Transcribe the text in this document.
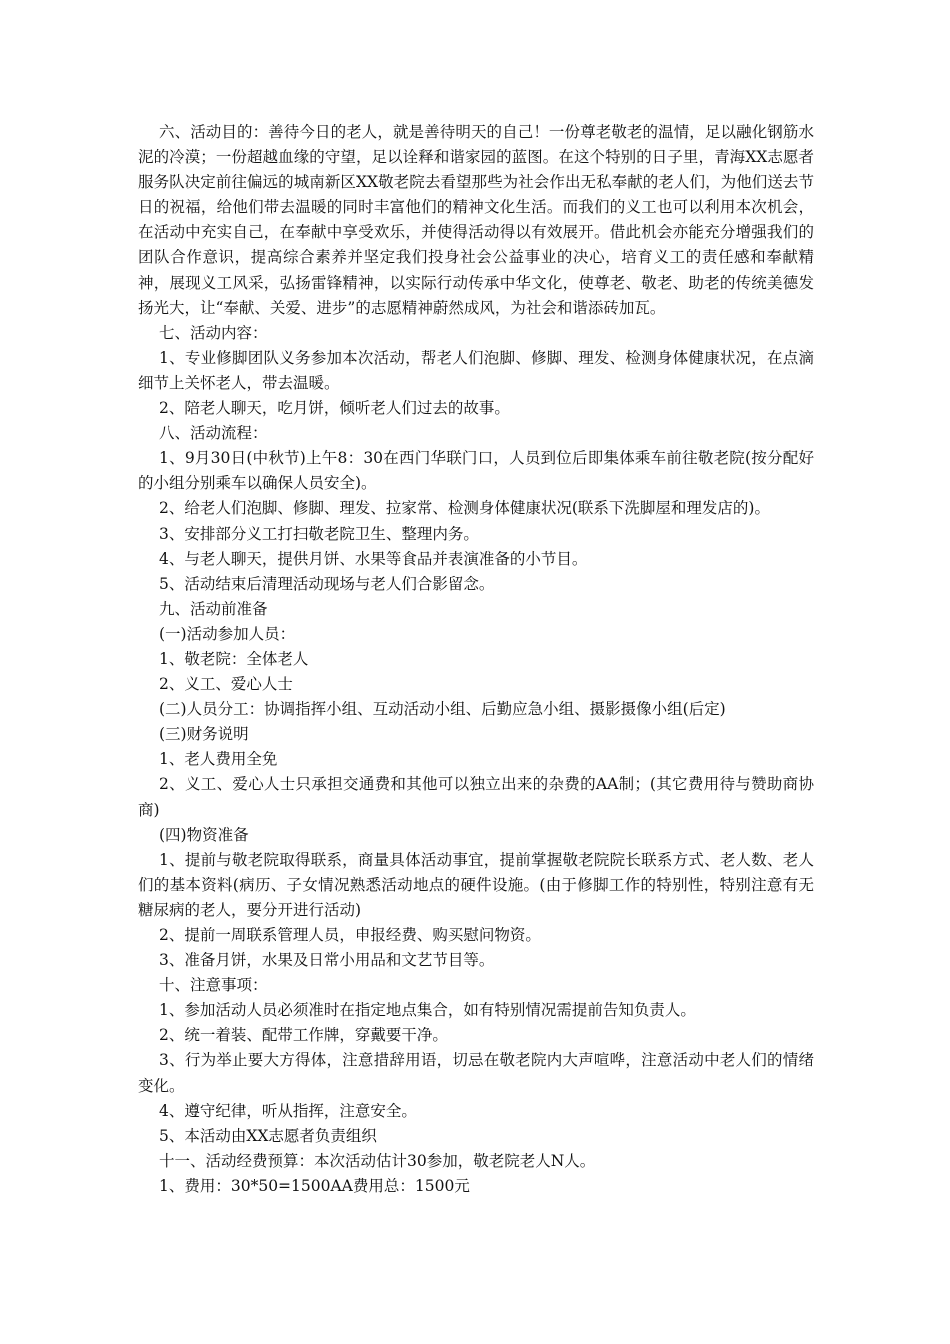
六、活动目的：善待今日的老人，就是善待明天的自己！一份尊老敬老的温情，足以融化钢筋水泥的冷漠；一份超越血缘的守望，足以诠释和谐家园的蓝图。在这个特别的日子里，青海XX志愿者服务队决定前往偏远的城南新区XX敬老院去看望那些为社会作出无私奉献的老人们，为他们送去节日的祝福，给他们带去温暖的同时丰富他们的精神文化生活。而我们的义工也可以利用本次机会，在活动中充实自己，在奉献中享受欢乐，并使得活动得以有效展开。借此机会亦能充分增强我们的团队合作意识，提高综合素养并坚定我们投身社会公益事业的决心，培育义工的责任感和奉献精神，展现义工风采，弘扬雷锋精神，以实际行动传承中华文化，使尊老、敬老、助老的传统美德发扬光大，让“奉献、关爱、进步”的志愿精神蔚然成风，为社会和谐添砖加瓦。

七、活动内容：

1、专业修脚团队义务参加本次活动，帮老人们泡脚、修脚、理发、检测身体健康状况，在点滴细节上关怀老人，带去温暖。

2、陪老人聊天，吃月饼，倾听老人们过去的故事。

八、活动流程：

1、9月30日(中秋节)上午8：30在西门华联门口，人员到位后即集体乘车前往敬老院(按分配好的小组分别乘车以确保人员安全)。

2、给老人们泡脚、修脚、理发、拉家常、检测身体健康状况(联系下洗脚屋和理发店的)。

3、安排部分义工打扫敬老院卫生、整理内务。

4、与老人聊天，提供月饼、水果等食品并表演准备的小节目。

5、活动结束后清理活动现场与老人们合影留念。

九、活动前准备

(一)活动参加人员：

1、敬老院：全体老人

2、义工、爱心人士

(二)人员分工：协调指挥小组、互动活动小组、后勤应急小组、摄影摄像小组(后定)

(三)财务说明

1、老人费用全免

2、义工、爱心人士只承担交通费和其他可以独立出来的杂费的AA制；(其它费用待与赞助商协商)

(四)物资准备

1、提前与敬老院取得联系，商量具体活动事宜，提前掌握敬老院院长联系方式、老人数、老人们的基本资料(病历、子女情况熟悉活动地点的硬件设施。(由于修脚工作的特别性，特别注意有无糖尿病的老人，要分开进行活动)

2、提前一周联系管理人员，申报经费、购买慰问物资。

3、准备月饼，水果及日常小用品和文艺节目等。

十、注意事项：

1、参加活动人员必须准时在指定地点集合，如有特别情况需提前告知负责人。

2、统一着装、配带工作牌，穿戴要干净。

3、行为举止要大方得体，注意措辞用语，切忌在敬老院内大声喧哗，注意活动中老人们的情绪变化。

4、遵守纪律，听从指挥，注意安全。

5、本活动由XX志愿者负责组织

十一、活动经费预算：本次活动估计30参加，敬老院老人N人。

1、费用：30*50=1500AA费用总：1500元
